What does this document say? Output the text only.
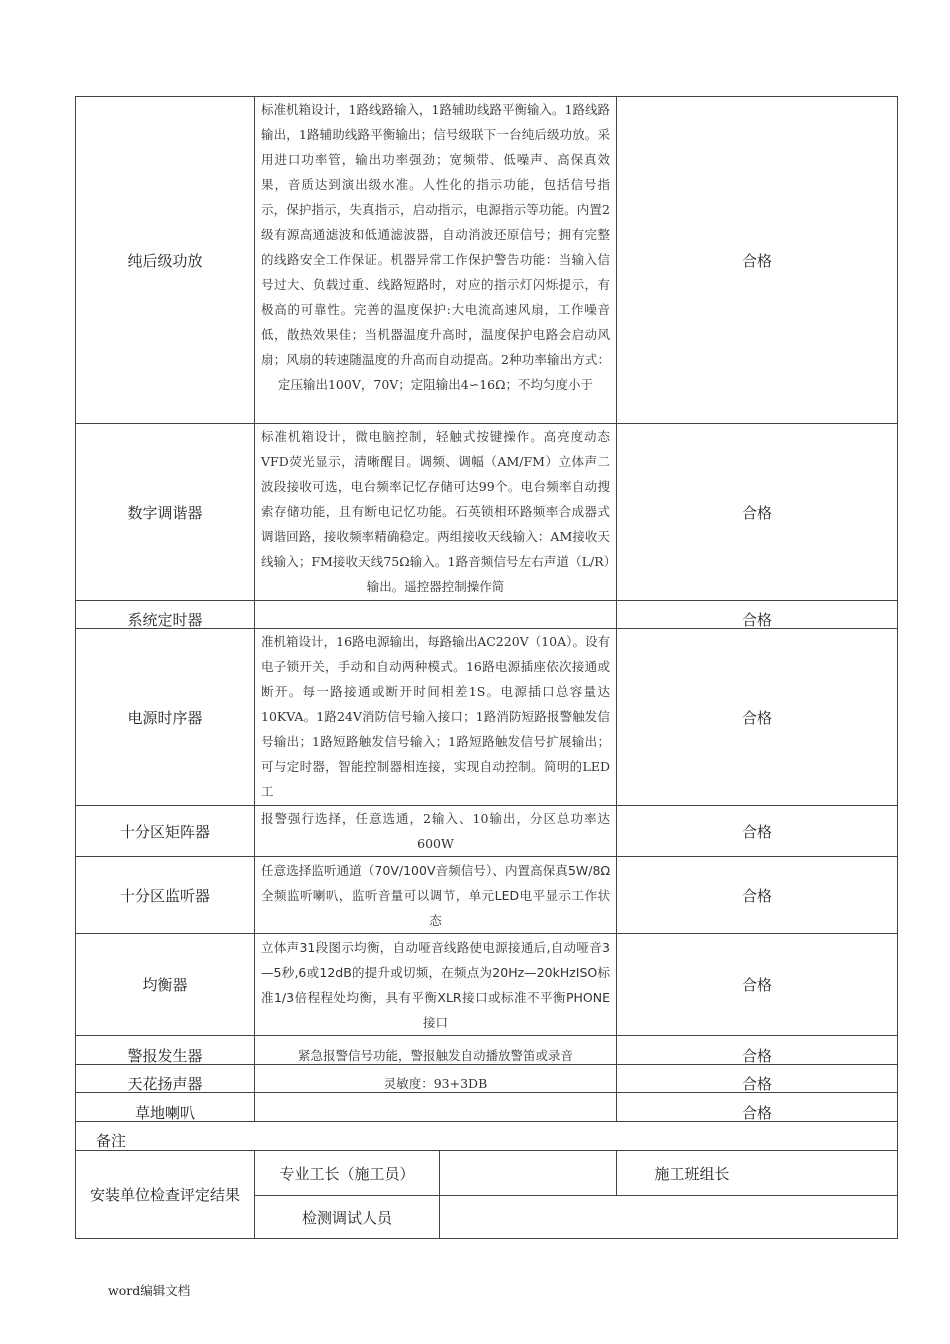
纯后级功放	标准机箱设计，1路线路输入，1路辅助线路平衡输入。1路线路输出，1路辅助线路平衡输出；信号级联下一台纯后级功放。采用进口功率管，输出功率强劲；宽频带、低噪声、高保真效果，音质达到演出级水准。人性化的指示功能，包括信号指示，保护指示，失真指示，启动指示，电源指示等功能。内置2级有源高通滤波和低通滤波器，自动消波还原信号；拥有完整的线路安全工作保证。机器异常工作保护警告功能：当输入信号过大、负载过重、线路短路时，对应的指示灯闪烁提示，有极高的可靠性。完善的温度保护:大电流高速风扇，工作噪音低，散热效果佳；当机器温度升高时，温度保护电路会启动风扇；风扇的转速随温度的升高而自动提高。2种功率输出方式：定压输出100V，70V；定阻输出4∽16Ω；不均匀度小于		合格
数字调谐器	标准机箱设计，微电脑控制，轻触式按键操作。高亮度动态VFD荧光显示，清晰醒目。调频、调幅（AM/FM）立体声二波段接收可选，电台频率记忆存储可达99个。电台频率自动搜索存储功能，且有断电记忆功能。石英锁相环路频率合成器式调谐回路，接收频率精确稳定。两组接收天线输入：AM接收天线输入；FM接收天线75Ω输入。1路音频信号左右声道（L/R）输出。遥控器控制操作简		合格
系统定时器			合格
电源时序器	准机箱设计，16路电源输出，每路输出AC220V（10A）。设有电子锁开关，手动和自动两种模式。16路电源插座依次接通或断开。每一路接通或断开时间相差1S。电源插口总容量达10KVA。1路24V消防信号输入接口；1路消防短路报警触发信号输出；1路短路触发信号输入；1路短路触发信号扩展输出；可与定时器，智能控制器相连接，实现自动控制。简明的LED工		合格
十分区矩阵器	报警强行选择，任意选通，2输入、10输出，分区总功率达600W		合格
十分区监听器	任意选择监听通道（70V/100V音频信号）、内置高保真5W/8Ω全频监听喇叭，监听音量可以调节，单元LED电平显示工作状态		合格
均衡器	立体声31段图示均衡，自动哑音线路使电源接通后,自动哑音3—5秒,6或12dB的提升或切频，在频点为20Hz—20kHzISO标准1/3倍程程处均衡，具有平衡XLR接口或标准不平衡PHONE接口		合格
警报发生器	紧急报警信号功能，警报触发自动播放警笛或录音		合格
天花扬声器	灵敏度：93+3DB		合格
草地喇叭			合格
备注			
安装单位检查评定结果	专业工长（施工员）		施工班组长
	检测调试人员		
word编辑文档
